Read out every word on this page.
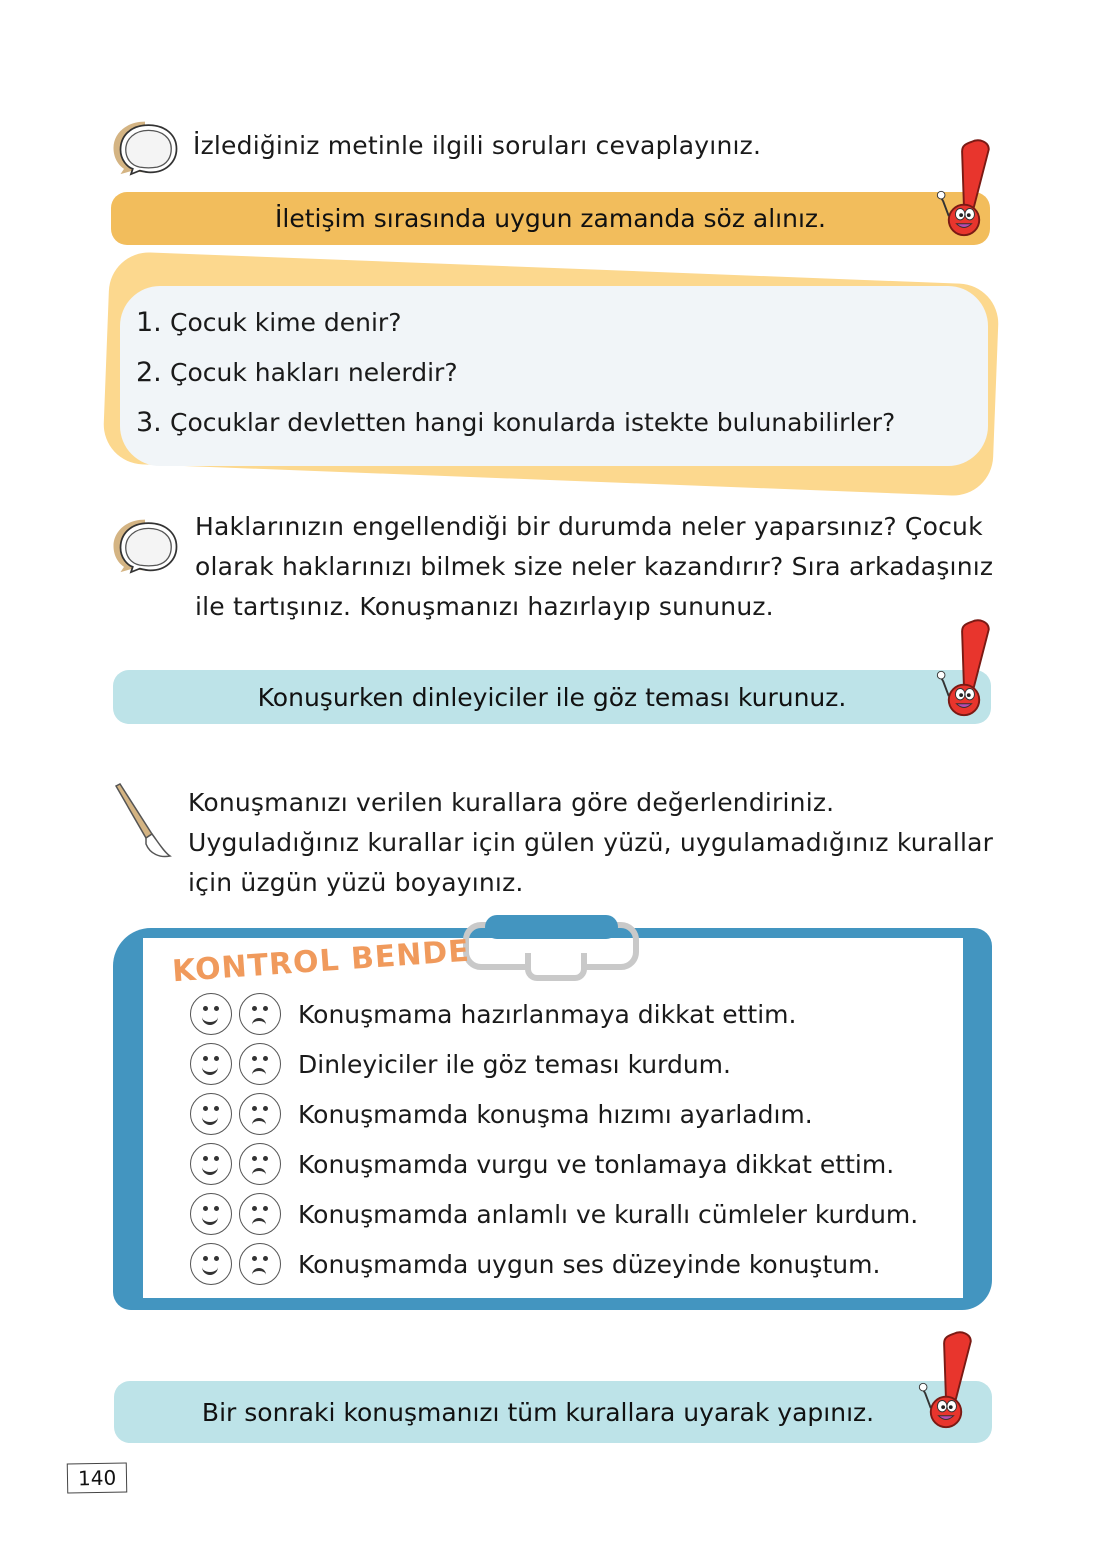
İzlediğiniz metinle ilgili soruları cevaplayınız.
İletişim sırasında uygun zamanda söz alınız.
1. Çocuk kime denir?
2. Çocuk hakları nelerdir?
3. Çocuklar devletten hangi konularda istekte bulunabilirler?
Haklarınızın engellendiği bir durumda neler yaparsınız? Çocuk
olarak haklarınızı bilmek size neler kazandırır? Sıra arkadaşınız
ile tartışınız. Konuşmanızı hazırlayıp sununuz.
Konuşurken dinleyiciler ile göz teması kurunuz.
Konuşmanızı verilen kurallara göre değerlendiriniz.
Uyguladığınız kurallar için gülen yüzü, uygulamadığınız kurallar
için üzgün yüzü boyayınız.
KONTROL BENDE
Konuşmama hazırlanmaya dikkat ettim.
Dinleyiciler ile göz teması kurdum.
Konuşmamda konuşma hızımı ayarladım.
Konuşmamda vurgu ve tonlamaya dikkat ettim.
Konuşmamda anlamlı ve kurallı cümleler kurdum.
Konuşmamda uygun ses düzeyinde konuştum.
Bir sonraki konuşmanızı tüm kurallara uyarak yapınız.
140
